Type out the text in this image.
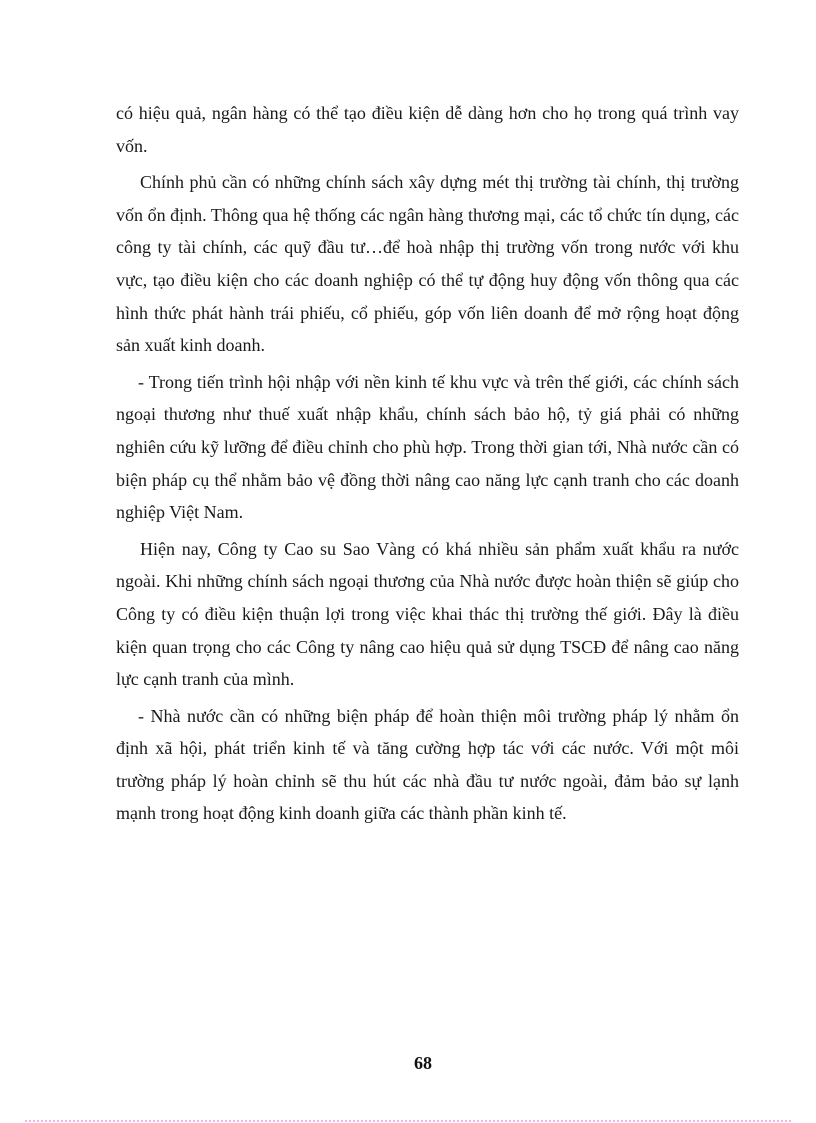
có hiệu quả, ngân hàng có thể tạo điều kiện dễ dàng hơn cho họ trong quá trình vay vốn.

Chính phủ cần có những chính sách xây dựng mét thị trường tài chính, thị trường vốn ổn định. Thông qua hệ thống các ngân hàng thương mại, các tổ chức tín dụng, các công ty tài chính, các quỹ đầu tư…để hoà nhập thị trường vốn trong nước với khu vực, tạo điều kiện cho các doanh nghiệp có thể tự động huy động vốn thông qua các hình thức phát hành trái phiếu, cổ phiếu, góp vốn liên doanh để mở rộng hoạt động sản xuất kinh doanh.

- Trong tiến trình hội nhập với nền kinh tế khu vực và trên thế giới, các chính sách ngoại thương như thuế xuất nhập khẩu, chính sách bảo hộ, tỷ giá phải có những nghiên cứu kỹ lưỡng để điều chỉnh cho phù hợp. Trong thời gian tới, Nhà nước cần có biện pháp cụ thể nhằm bảo vệ đồng thời nâng cao năng lực cạnh tranh cho các doanh nghiệp Việt Nam.

Hiện nay, Công ty Cao su Sao Vàng có khá nhiều sản phẩm xuất khẩu ra nước ngoài. Khi những chính sách ngoại thương của Nhà nước được hoàn thiện sẽ giúp cho Công ty có điều kiện thuận lợi trong việc khai thác thị trường thế giới. Đây là điều kiện quan trọng cho các Công ty nâng cao hiệu quả sử dụng TSCĐ để nâng cao năng lực cạnh tranh của mình.

- Nhà nước cần có những biện pháp để hoàn thiện môi trường pháp lý nhằm ổn định xã hội, phát triển kinh tế và tăng cường hợp tác với các nước. Với một môi trường pháp lý hoàn chỉnh sẽ thu hút các nhà đầu tư nước ngoài, đảm bảo sự lạnh mạnh trong hoạt động kinh doanh giữa các thành phần kinh tế.

68
